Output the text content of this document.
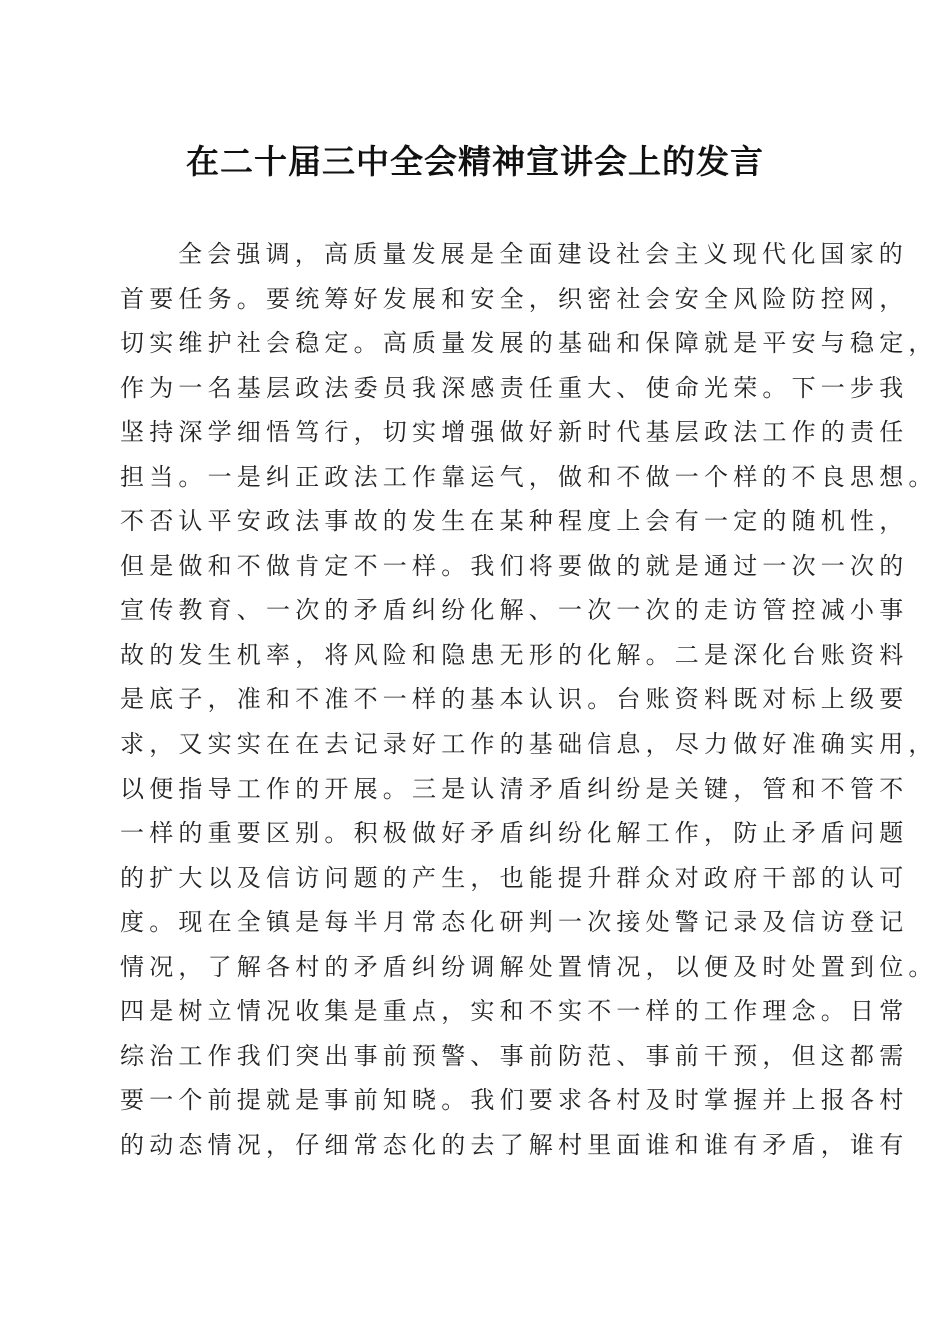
在二十届三中全会精神宣讲会上的发言
全会强调，高质量发展是全面建设社会主义现代化国家的
首要任务。要统筹好发展和安全，织密社会安全风险防控网，
切实维护社会稳定。高质量发展的基础和保障就是平安与稳定，
作为一名基层政法委员我深感责任重大、使命光荣。下一步我
坚持深学细悟笃行，切实增强做好新时代基层政法工作的责任
担当。一是纠正政法工作靠运气，做和不做一个样的不良思想。
不否认平安政法事故的发生在某种程度上会有一定的随机性，
但是做和不做肯定不一样。我们将要做的就是通过一次一次的
宣传教育、一次的矛盾纠纷化解、一次一次的走访管控减小事
故的发生机率，将风险和隐患无形的化解。二是深化台账资料
是底子，准和不准不一样的基本认识。台账资料既对标上级要
求，又实实在在去记录好工作的基础信息，尽力做好准确实用，
以便指导工作的开展。三是认清矛盾纠纷是关键，管和不管不
一样的重要区别。积极做好矛盾纠纷化解工作，防止矛盾问题
的扩大以及信访问题的产生，也能提升群众对政府干部的认可
度。现在全镇是每半月常态化研判一次接处警记录及信访登记
情况，了解各村的矛盾纠纷调解处置情况，以便及时处置到位。
四是树立情况收集是重点，实和不实不一样的工作理念。日常
综治工作我们突出事前预警、事前防范、事前干预，但这都需
要一个前提就是事前知晓。我们要求各村及时掌握并上报各村
的动态情况，仔细常态化的去了解村里面谁和谁有矛盾，谁有
